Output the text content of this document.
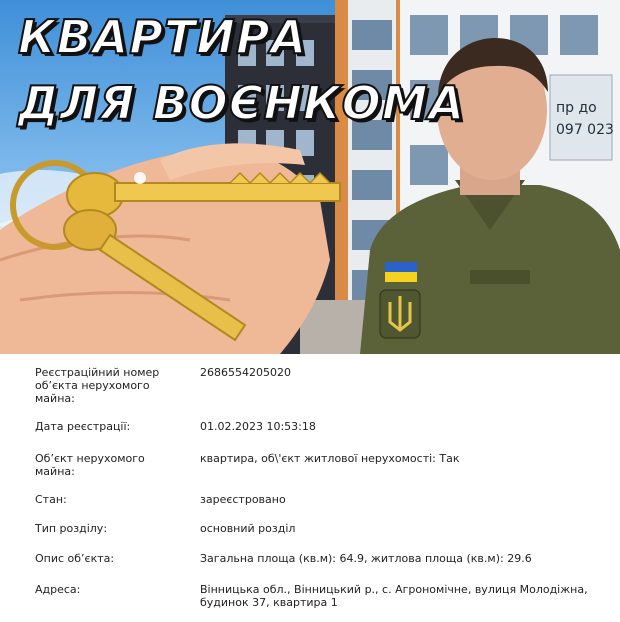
пр до
097 023
КВАРТИРА
ДЛЯ ВОЄНКОМА
Реєстраційний номер об’єкта нерухомого майна:
2686554205020
Дата реєстрації:	01.02.2023 10:53:18
Об’єкт нерухомого майна:
квартира, об\'єкт житлової нерухомості: Так
Стан:	зареєстровано
Тип розділу:	основний розділ
Опис об’єкта:	Загальна площа (кв.м): 64.9, житлова площа (кв.м): 29.6
Адреса:	Вінницька обл., Вінницький р., с. Агрономічне, вулиця Молодіжна, будинок 37, квартира 1
